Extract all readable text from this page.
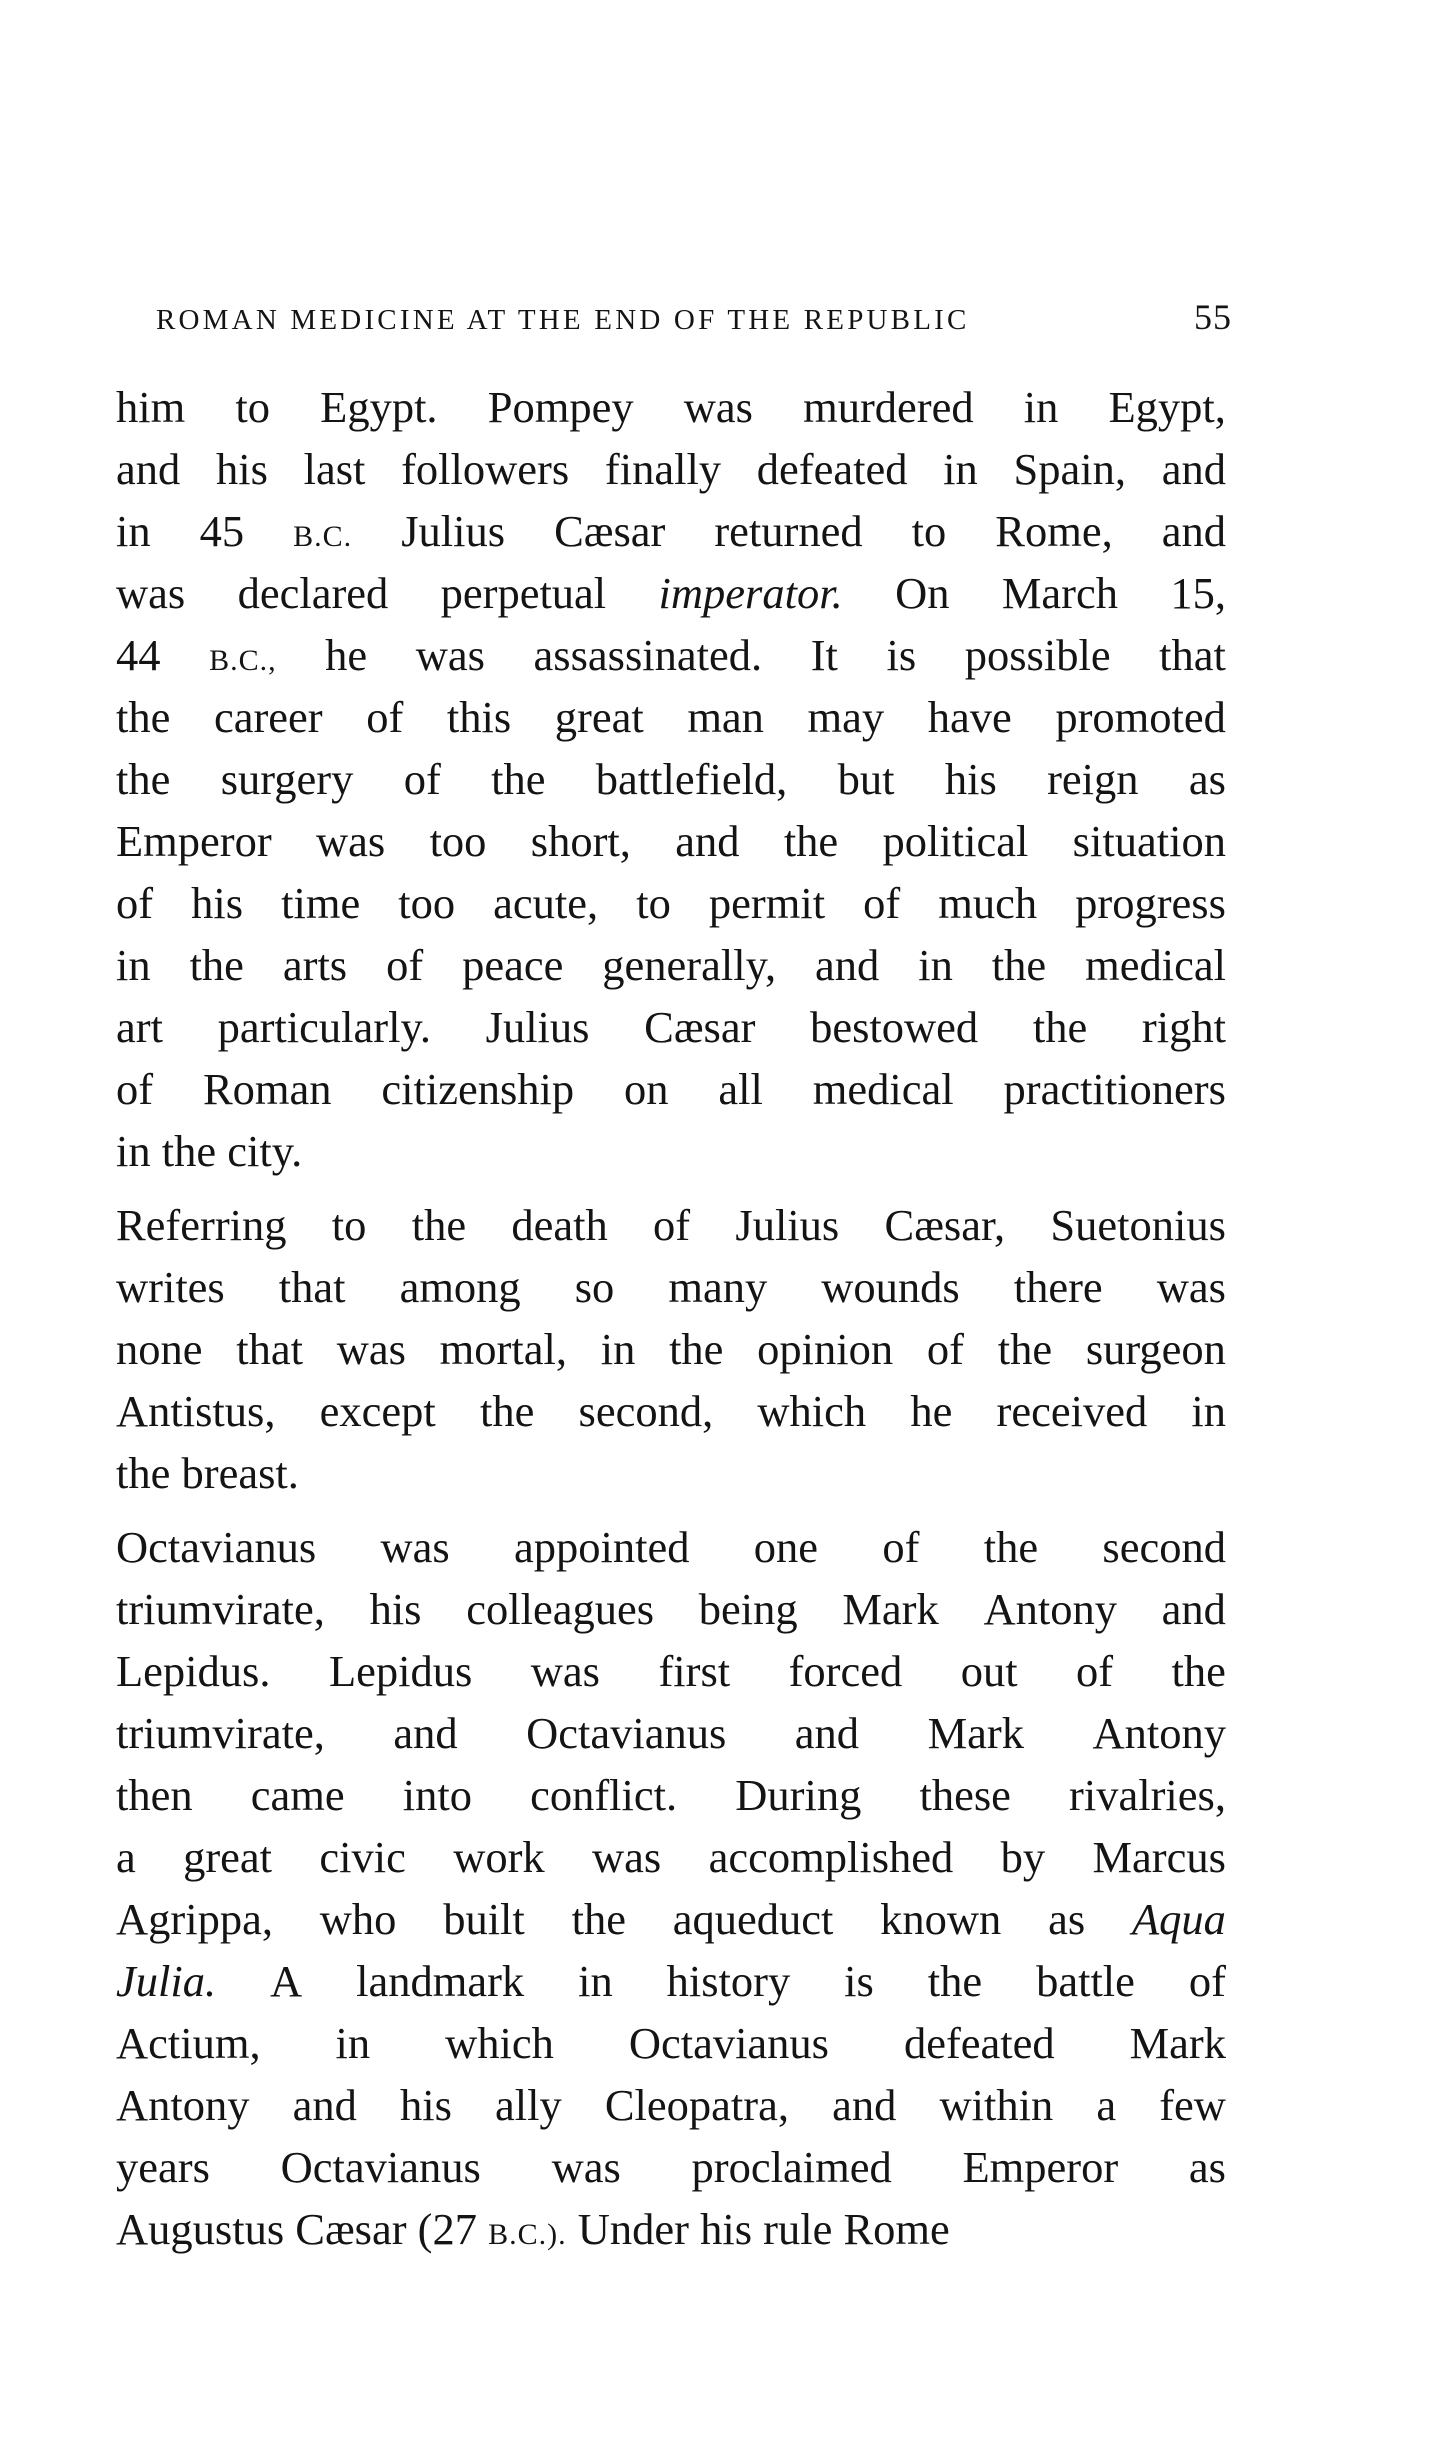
ROMAN MEDICINE AT THE END OF THE REPUBLIC	55
him to Egypt. Pompey was murdered in Egypt,
and his last followers finally defeated in Spain, and
in 45 B.C. Julius Cæsar returned to Rome, and
was declared perpetual imperator. On March 15,
44 B.C., he was assassinated. It is possible that
the career of this great man may have promoted
the surgery of the battlefield, but his reign as
Emperor was too short, and the political situation
of his time too acute, to permit of much progress
in the arts of peace generally, and in the medical
art particularly. Julius Cæsar bestowed the right
of Roman citizenship on all medical practitioners
in the city.
Referring to the death of Julius Cæsar, Suetonius
writes that among so many wounds there was
none that was mortal, in the opinion of the surgeon
Antistus, except the second, which he received in
the breast.
Octavianus was appointed one of the second
triumvirate, his colleagues being Mark Antony and
Lepidus. Lepidus was first forced out of the
triumvirate, and Octavianus and Mark Antony
then came into conflict. During these rivalries,
a great civic work was accomplished by Marcus
Agrippa, who built the aqueduct known as Aqua
Julia. A landmark in history is the battle of
Actium, in which Octavianus defeated Mark
Antony and his ally Cleopatra, and within a few
years Octavianus was proclaimed Emperor as
Augustus Cæsar (27 B.C.). Under his rule Rome
